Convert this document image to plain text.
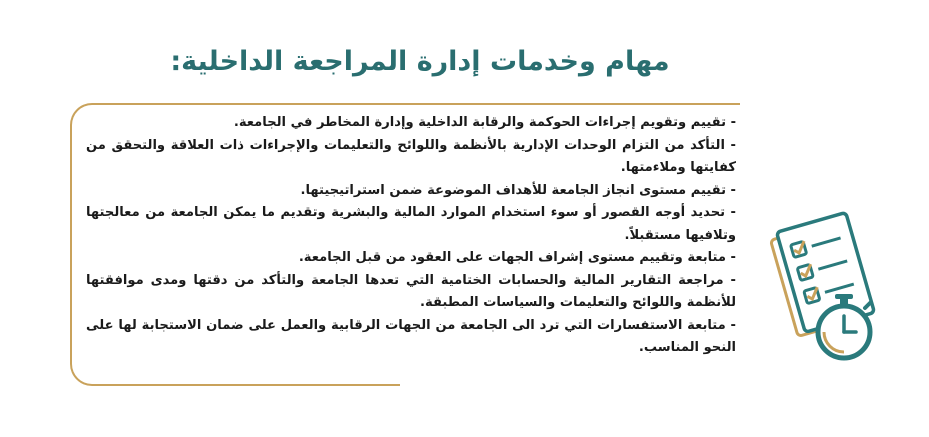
مهام وخدمات إدارة المراجعة الداخلية:

- تقييم وتقويم إجراءات الحوكمة والرقابة الداخلية وإدارة المخاطر في الجامعة.

- التأكد من التزام الوحدات الإدارية بالأنظمة واللوائح والتعليمات والإجراءات ذات العلاقة والتحقق من كفايتها وملاءمتها.

- تقييم مستوى انجاز الجامعة للأهداف الموضوعة ضمن استراتيجيتها.

- تحديد أوجه القصور أو سوء استخدام الموارد المالية والبشرية وتقديم ما يمكن الجامعة من معالجتها وتلافيها مستقبلاً.

- متابعة وتقييم مستوى إشراف الجهات على العقود من قبل الجامعة.

- مراجعة التقارير المالية والحسابات الختامية التي تعدها الجامعة والتأكد من دقتها ومدى موافقتها للأنظمة واللوائح والتعليمات والسياسات المطبقة.

- متابعة الاستفسارات التي ترد الى الجامعة من الجهات الرقابية والعمل على ضمان الاستجابة لها على النحو المناسب.
